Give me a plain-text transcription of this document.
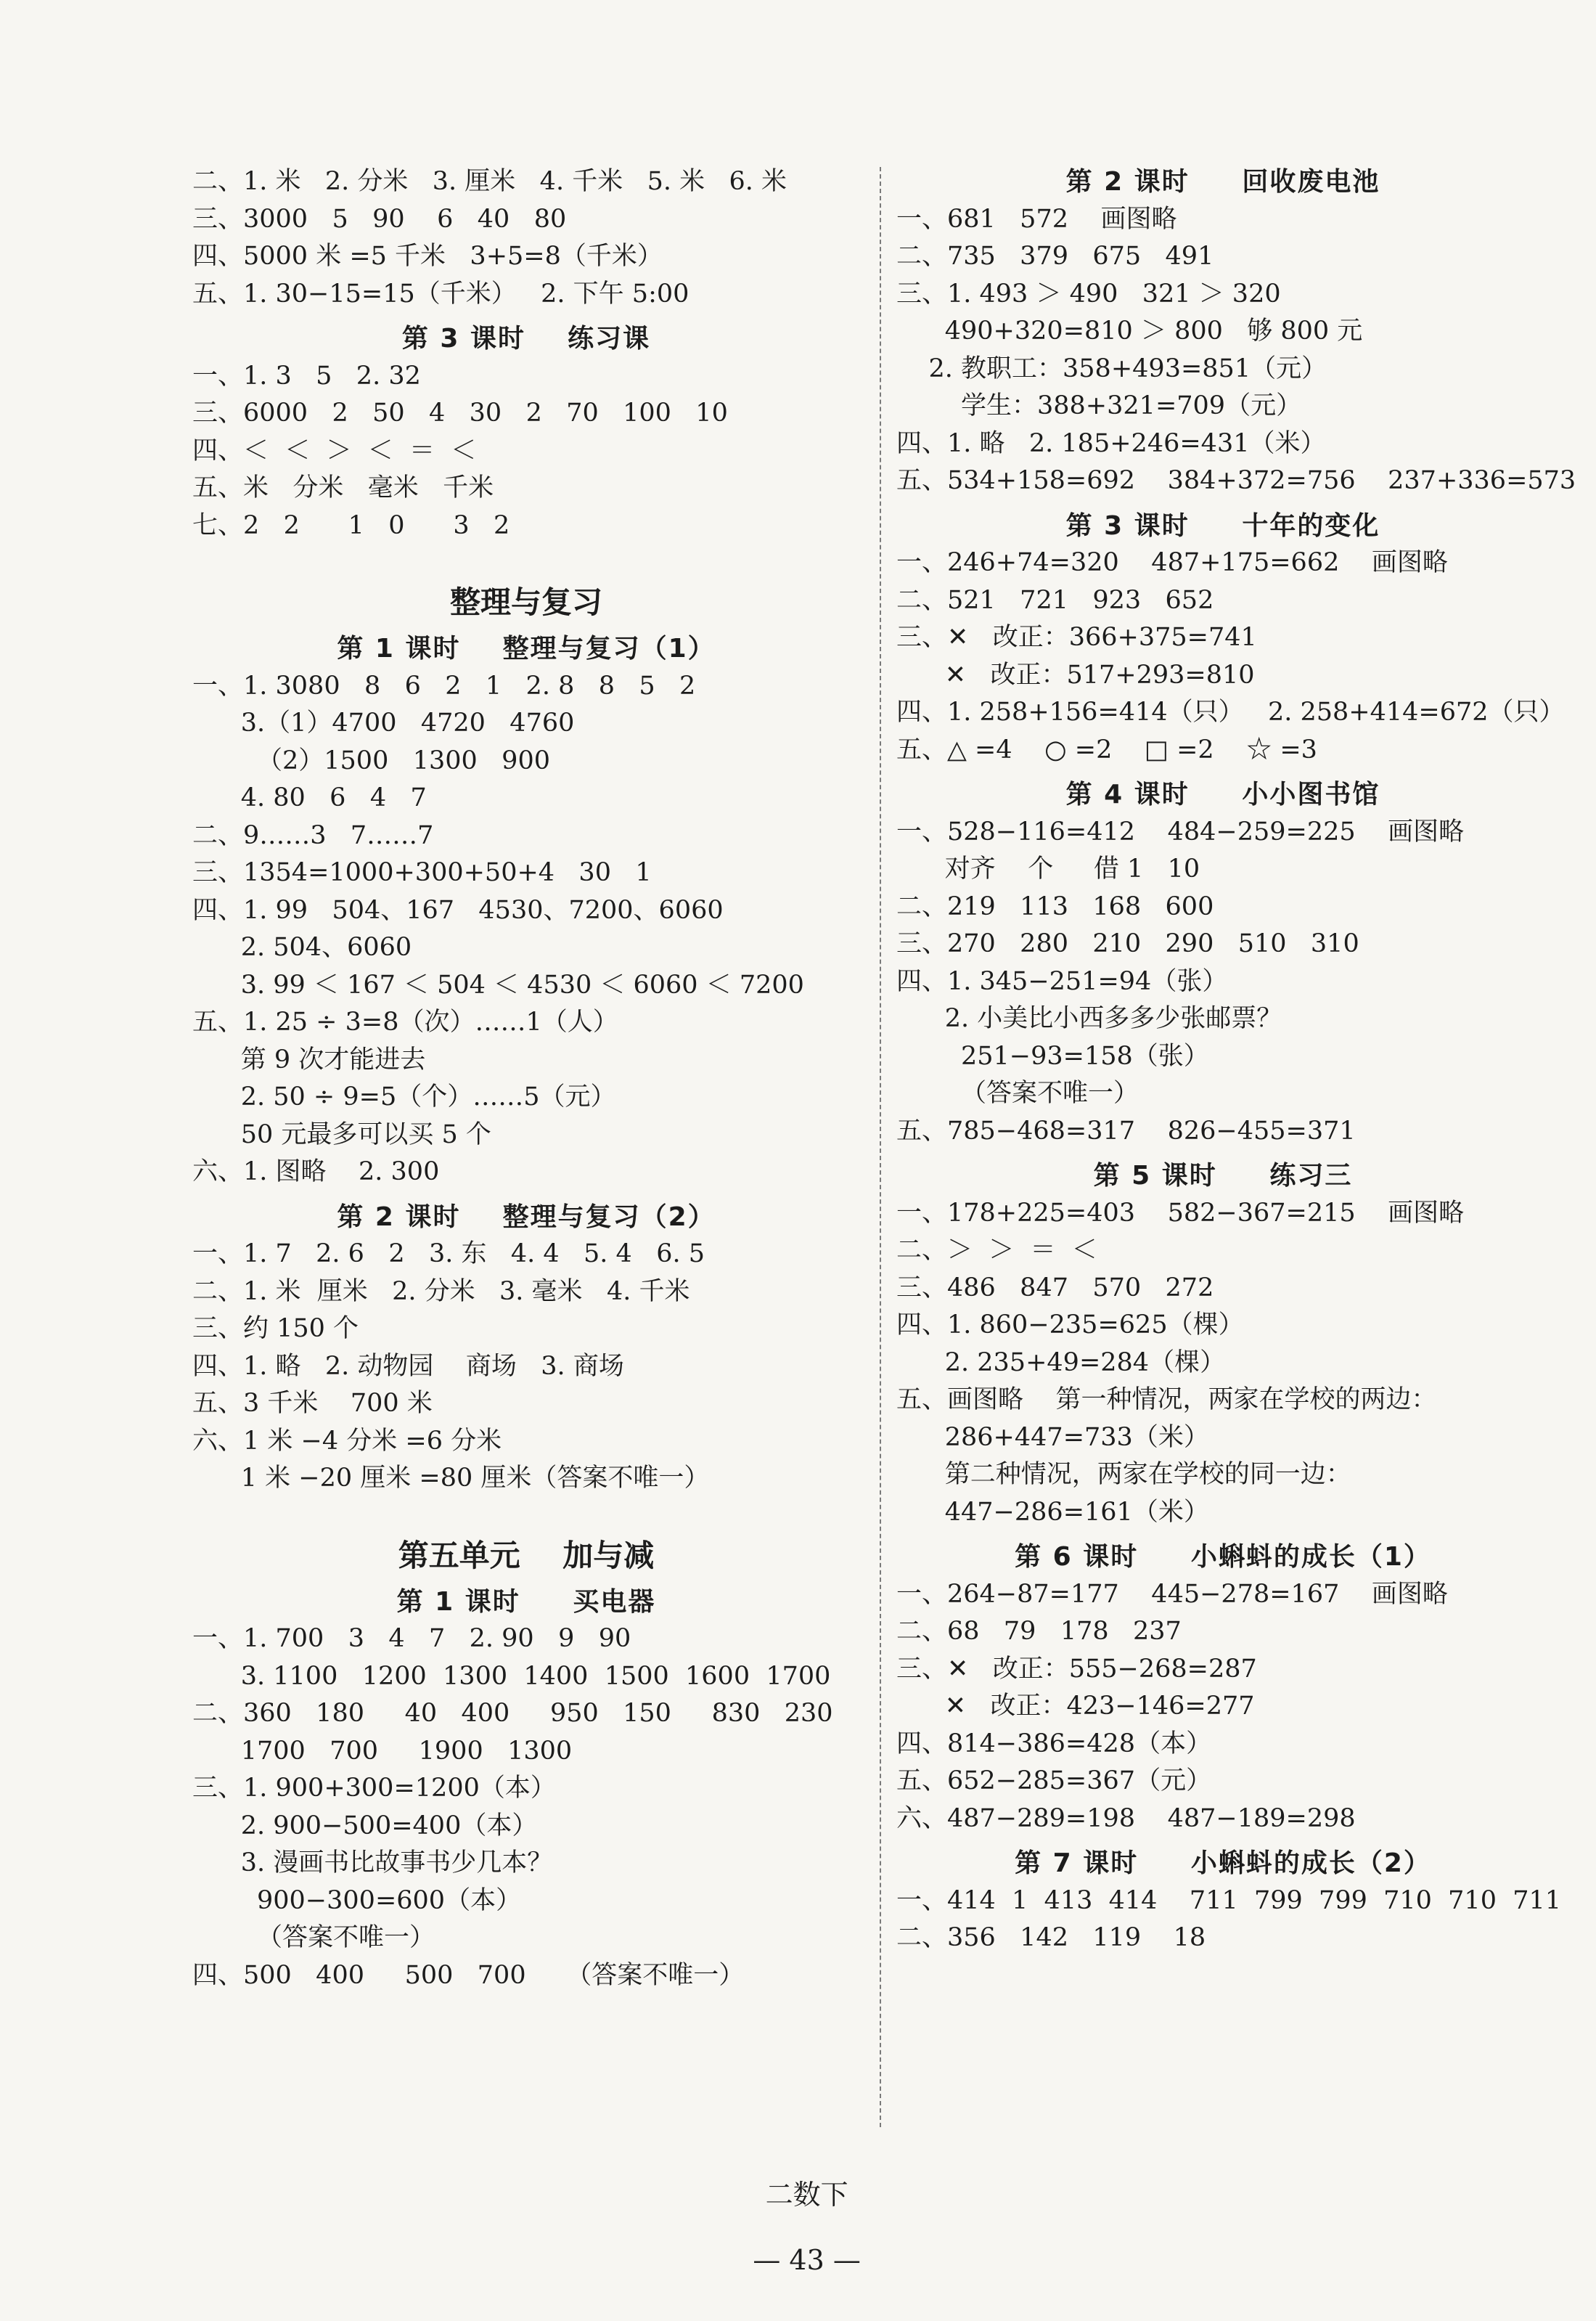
二、1. 米   2. 分米   3. 厘米   4. 千米   5. 米   6. 米
三、3000   5   90    6   40   80
四、5000 米 =5 千米   3+5=8（千米）
五、1. 30−15=15（千米）   2. 下午 5:00
第 3 课时    练习课
一、1. 3   5   2. 32
三、6000   2   50   4   30   2   70   100   10
四、＜  ＜  ＞  ＜  ＝  ＜
五、米   分米   毫米   千米
七、2   2      1   0      3   2
整理与复习
第 1 课时    整理与复习（1）
一、1. 3080   8   6   2   1   2. 8   8   5   2
3.（1）4700   4720   4760
（2）1500   1300   900
4. 80   6   4   7
二、9……3   7……7
三、1354=1000+300+50+4   30   1
四、1. 99   504、167   4530、7200、6060
2. 504、6060
3. 99 ＜ 167 ＜ 504 ＜ 4530 ＜ 6060 ＜ 7200
五、1. 25 ÷ 3=8（次）……1（人）
第 9 次才能进去
2. 50 ÷ 9=5（个）……5（元）
50 元最多可以买 5 个
六、1. 图略    2. 300
第 2 课时    整理与复习（2）
一、1. 7   2. 6   2   3. 东   4. 4   5. 4   6. 5
二、1. 米  厘米   2. 分米   3. 毫米   4. 千米
三、约 150 个
四、1. 略   2. 动物园    商场   3. 商场
五、3 千米    700 米
六、1 米 −4 分米 =6 分米
1 米 −20 厘米 =80 厘米（答案不唯一）
第五单元    加与减
第 1 课时     买电器
一、1. 700   3   4   7   2. 90   9   90
3. 1100   1200  1300  1400  1500  1600  1700
二、360   180     40   400     950   150     830   230
1700   700     1900   1300
三、1. 900+300=1200（本）
2. 900−500=400（本）
3. 漫画书比故事书少几本？
900−300=600（本）
（答案不唯一）
四、500   400     500   700     （答案不唯一）
第 2 课时     回收废电池
一、681   572    画图略
二、735   379   675   491
三、1. 493 ＞ 490   321 ＞ 320
490+320=810 ＞ 800   够 800 元
2. 教职工：358+493=851（元）
学生：388+321=709（元）
四、1. 略   2. 185+246=431（米）
五、534+158=692    384+372=756    237+336=573
第 3 课时     十年的变化
一、246+74=320    487+175=662    画图略
二、521   721   923   652
三、✕   改正：366+375=741
✕   改正：517+293=810
四、1. 258+156=414（只）   2. 258+414=672（只）
五、△ =4    ○ =2    □ =2    ☆ =3
第 4 课时     小小图书馆
一、528−116=412    484−259=225    画图略
对齐    个     借 1   10
二、219   113   168   600
三、270   280   210   290   510   310
四、1. 345−251=94（张）
2. 小美比小西多多少张邮票？
251−93=158（张）
（答案不唯一）
五、785−468=317    826−455=371
第 5 课时     练习三
一、178+225=403    582−367=215    画图略
二、＞  ＞  ＝  ＜
三、486   847   570   272
四、1. 860−235=625（棵）
2. 235+49=284（棵）
五、画图略    第一种情况，两家在学校的两边：
286+447=733（米）
第二种情况，两家在学校的同一边：
447−286=161（米）
第 6 课时     小蝌蚪的成长（1）
一、264−87=177    445−278=167    画图略
二、68   79   178   237
三、✕   改正：555−268=287
✕   改正：423−146=277
四、814−386=428（本）
五、652−285=367（元）
六、487−289=198    487−189=298
第 7 课时     小蝌蚪的成长（2）
一、414  1  413  414    711  799  799  710  710  711
二、356   142   119    18

二数下

— 43 —
